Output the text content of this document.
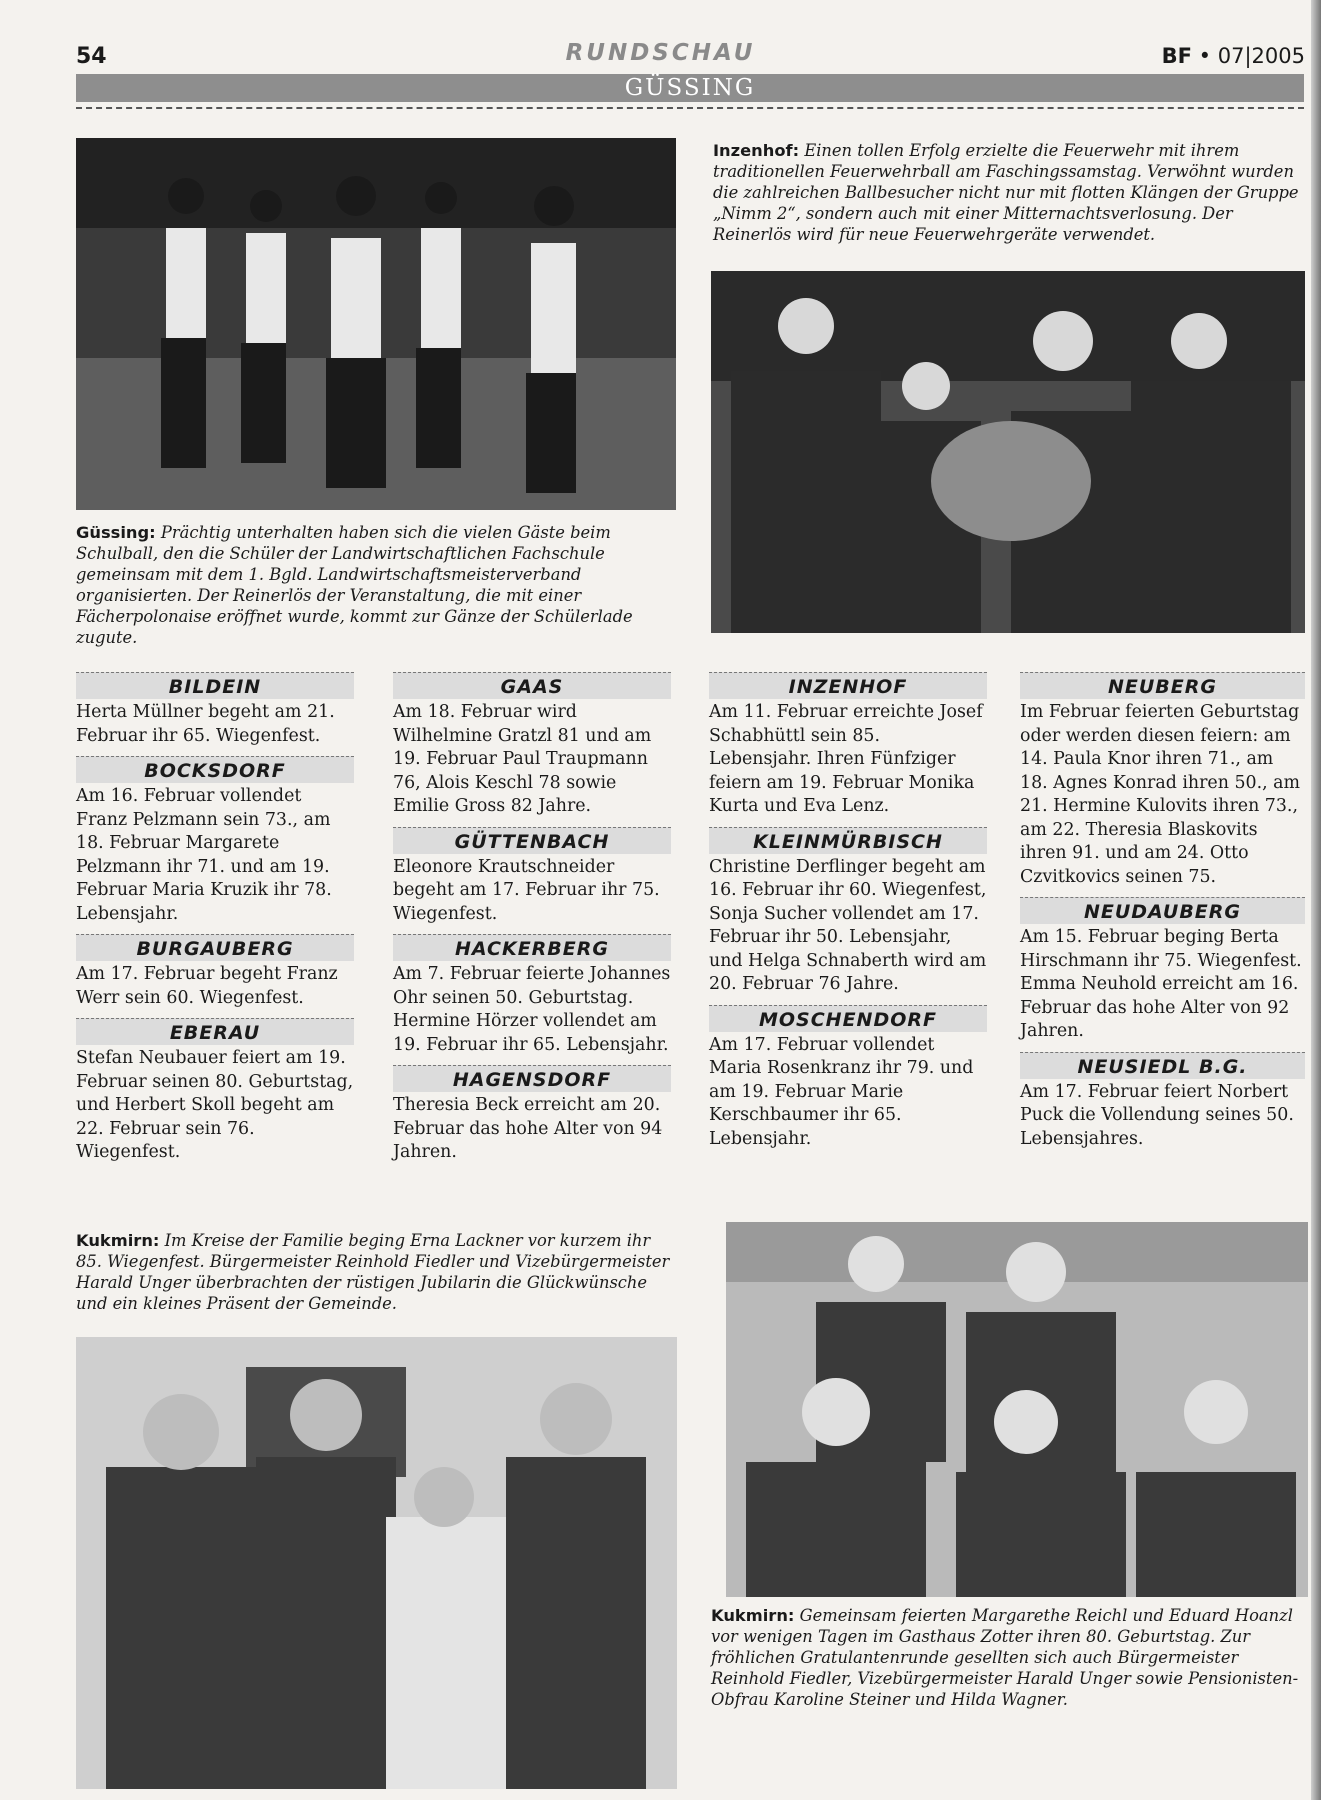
54	RUNDSCHAU	BF • 07|2005
GÜSSING
Inzenhof: Einen tollen Erfolg erzielte die Feuerwehr mit ihrem traditionellen Feuerwehrball am Faschingssamstag. Verwöhnt wurden die zahlreichen Ballbesucher nicht nur mit flotten Klängen der Gruppe „Nimm 2“, sondern auch mit einer Mitternachtsverlosung. Der Reinerlös wird für neue Feuerwehrgeräte verwendet.
Güssing: Prächtig unterhalten haben sich die vielen Gäste beim Schulball, den die Schüler der Landwirtschaftlichen Fachschule gemeinsam mit dem 1. Bgld. Landwirtschaftsmeisterverband organisierten. Der Reinerlös der Veranstaltung, die mit einer Fächerpolonaise eröffnet wurde, kommt zur Gänze der Schülerlade zugute.
BILDEIN
Herta Müllner begeht am 21. Februar ihr 65. Wiegenfest.
BOCKSDORF
Am 16. Februar vollendet Franz Pelzmann sein 73., am 18. Februar Margarete Pelzmann ihr 71. und am 19. Februar Maria Kruzik ihr 78. Lebensjahr.
BURGAUBERG
Am 17. Februar begeht Franz Werr sein 60. Wiegenfest.
EBERAU
Stefan Neubauer feiert am 19. Februar seinen 80. Geburtstag, und Herbert Skoll begeht am 22. Februar sein 76. Wiegenfest.
GAAS
Am 18. Februar wird Wilhelmine Gratzl 81 und am 19. Februar Paul Traupmann 76, Alois Keschl 78 sowie Emilie Gross 82 Jahre.
GÜTTENBACH
Eleonore Krautschneider begeht am 17. Februar ihr 75. Wiegenfest.
HACKERBERG
Am 7. Februar feierte Johannes Ohr seinen 50. Geburtstag. Hermine Hörzer vollendet am 19. Februar ihr 65. Lebensjahr.
HAGENSDORF
Theresia Beck erreicht am 20. Februar das hohe Alter von 94 Jahren.
INZENHOF
Am 11. Februar erreichte Josef Schabhüttl sein 85. Lebensjahr. Ihren Fünfziger feiern am 19. Februar Monika Kurta und Eva Lenz.
KLEINMÜRBISCH
Christine Derflinger begeht am 16. Februar ihr 60. Wiegenfest, Sonja Sucher vollendet am 17. Februar ihr 50. Lebensjahr, und Helga Schnaberth wird am 20. Februar 76 Jahre.
MOSCHENDORF
Am 17. Februar vollendet Maria Rosenkranz ihr 79. und am 19. Februar Marie Kerschbaumer ihr 65. Lebensjahr.
NEUBERG
Im Februar feierten Geburtstag oder werden diesen feiern: am 14. Paula Knor ihren 71., am 18. Agnes Konrad ihren 50., am 21. Hermine Kulovits ihren 73., am 22. Theresia Blaskovits ihren 91. und am 24. Otto Czvitkovics seinen 75.
NEUDAUBERG
Am 15. Februar beging Berta Hirschmann ihr 75. Wiegenfest. Emma Neuhold erreicht am 16. Februar das hohe Alter von 92 Jahren.
NEUSIEDL B.G.
Am 17. Februar feiert Norbert Puck die Vollendung seines 50. Lebensjahres.
Kukmirn: Im Kreise der Familie beging Erna Lackner vor kurzem ihr 85. Wiegenfest. Bürgermeister Reinhold Fiedler und Vizebürgermeister Harald Unger überbrachten der rüstigen Jubilarin die Glückwünsche und ein kleines Präsent der Gemeinde.
Kukmirn: Gemeinsam feierten Margarethe Reichl und Eduard Hoanzl vor wenigen Tagen im Gasthaus Zotter ihren 80. Geburtstag. Zur fröhlichen Gratulantenrunde gesellten sich auch Bürgermeister Reinhold Fiedler, Vizebürgermeister Harald Unger sowie Pensionisten-Obfrau Karoline Steiner und Hilda Wagner.
